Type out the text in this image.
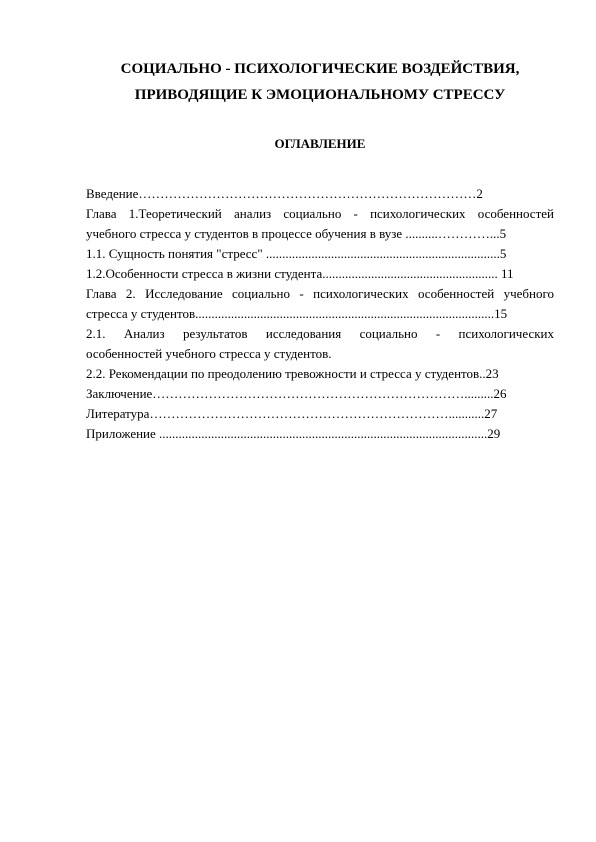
СОЦИАЛЬНО - ПСИХОЛОГИЧЕСКИЕ ВОЗДЕЙСТВИЯ,
ПРИВОДЯЩИЕ К ЭМОЦИОНАЛЬНОМУ СТРЕССУ
ОГЛАВЛЕНИЕ
Введение……………………………………………………………………2
Глава 1.Теоретический анализ социально - психологических особенностей
учебного стресса у студентов в процессе обучения в вузе ..........…………...5
1.1. Сущность понятия "стресс" ........................................................................5
1.2.Особенности стресса в жизни студента...................................................... 11
Глава 2. Исследование социально - психологических особенностей учебного
стресса у студентов............................................................................................15
2.1. Анализ результатов исследования социально - психологических
особенностей учебного стресса у студентов.
2.2. Рекомендации по преодолению тревожности и стресса у студентов..23
Заключение……………………………………………………………….........26
Литература……………………………………………………………...........27
Приложение .....................................................................................................29
